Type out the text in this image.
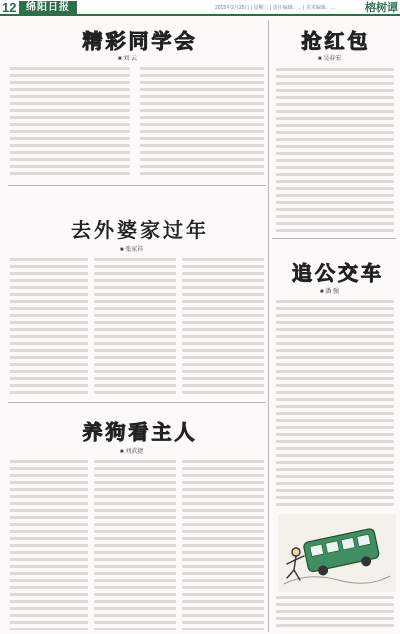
12 绵阳日报	2015年2月25日 | 星期三 | 责任编辑：... | 美术编辑：...	榕树谭
精彩同学会
■ 刘 云
抢红包
■ 吴春宏
去外婆家过年
■ 张家祥
追公交车
■ 潘 强
养狗看主人
■ 刘武捷
